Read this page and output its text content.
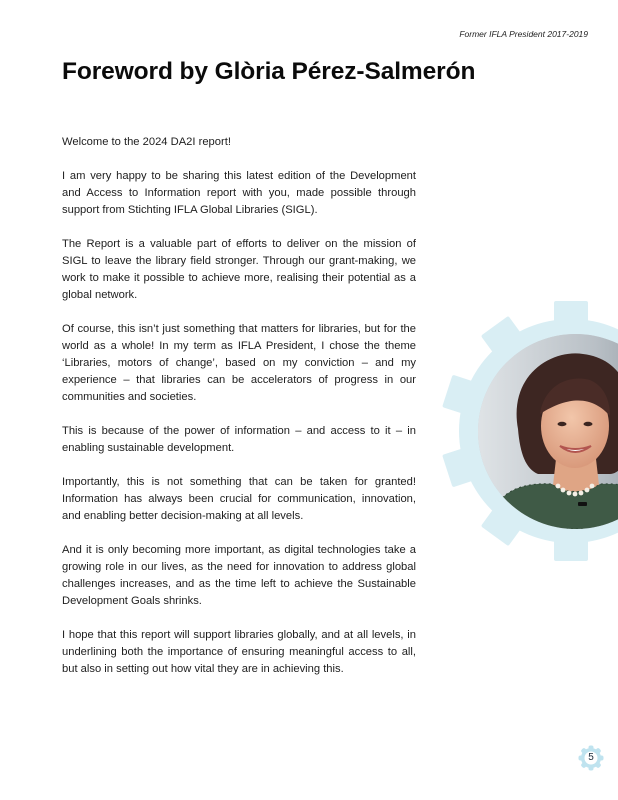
Former IFLA President 2017-2019
Foreword by Glòria Pérez-Salmerón

Welcome to the 2024 DA2I report!

I am very happy to be sharing this latest edition of the Development and Access to Information report with you, made possible through support from Stichting IFLA Global Libraries (SIGL).

The Report is a valuable part of efforts to deliver on the mission of SIGL to leave the library field stronger. Through our grant-making, we work to make it possible to achieve more, realising their potential as a global network.

Of course, this isn’t just something that matters for libraries, but for the world as a whole! In my term as IFLA President, I chose the theme ‘Libraries, motors of change’, based on my conviction – and my experience – that libraries can be accelerators of progress in our communities and societies.

This is because of the power of information – and access to it – in enabling sustainable development.

Importantly, this is not something that can be taken for granted! Information has always been crucial for communication, innovation, and enabling better decision-making at all levels.

And it is only becoming more important, as digital technologies take a growing role in our lives, as the need for innovation to address global challenges increases, and as the time left to achieve the Sustainable Development Goals shrinks.

I hope that this report will support libraries globally, and at all levels, in underlining both the importance of ensuring meaningful access to all, but also in setting out how vital they are in achieving this.

5
